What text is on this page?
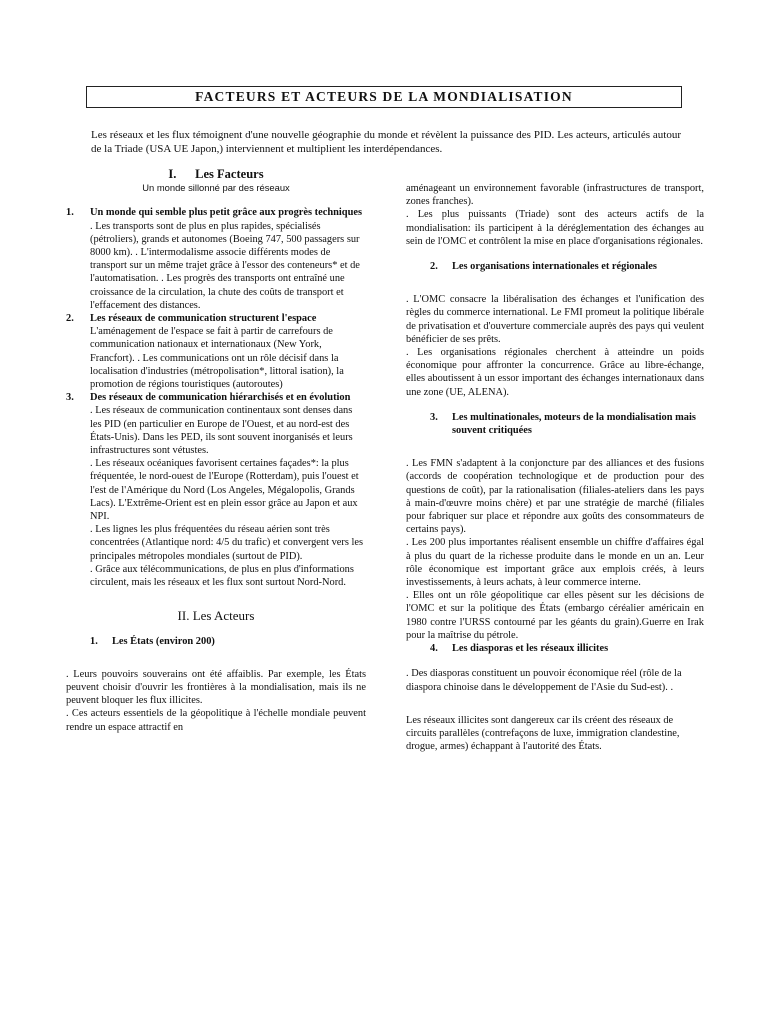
FACTEURS ET ACTEURS DE LA MONDIALISATION

Les réseaux et les flux témoignent d'une nouvelle géographie du monde et révèlent la puissance des PID. Les acteurs, articulés autour de la Triade (USA UE Japon,) interviennent et multiplient les interdépendances.

I. Les Facteurs
Un monde sillonné par des réseaux
1.	Un monde qui semble plus petit grâce aux progrès techniques

. Les transports sont de plus en plus rapides, spécialisés (pétroliers), grands et autonomes (Boeing 747, 500 passagers sur 8000 km). . L'intermodalisme associe différents modes de transport sur un même trajet grâce à l'essor des conteneurs* et de l'automatisation. . Les progrès des transports ont entraîné une croissance de la circulation, la chute des coûts de transport et l'effacement des distances.

2.	Les réseaux de communication structurent l'espace

L'aménagement de l'espace se fait à partir de carrefours de communication nationaux et internationaux (New York, Francfort). . Les communications ont un rôle décisif dans la localisation d'industries (métropolisation*, littoral isation), la promotion de régions touristiques (autoroutes)

3.	Des réseaux de communication hiérarchisés et en évolution

. Les réseaux de communication continentaux sont denses dans les PID (en particulier en Europe de l'Ouest, et au nord-est des États-Unis). Dans les PED, ils sont souvent inorganisés et leurs infrastructures sont vétustes.

. Les réseaux océaniques favorisent certaines façades*: la plus fréquentée, le nord-ouest de l'Europe (Rotterdam), puis l'ouest et l'est de l'Amérique du Nord (Los Angeles, Mégalopolis, Grands Lacs). L'Extrême-Orient est en plein essor grâce au Japon et aux NPI.

. Les lignes les plus fréquentées du réseau aérien sont très concentrées (Atlantique nord: 4/5 du trafic) et convergent vers les principales métropoles mondiales (surtout de PID).

. Grâce aux télécommunications, de plus en plus d'informations circulent, mais les réseaux et les flux sont surtout Nord-Nord.

II. Les Acteurs
1.	Les États (environ 200)

. Leurs pouvoirs souverains ont été affaiblis. Par exemple, les États peuvent choisir d'ouvrir les frontières à la mondialisation, mais ils ne peuvent bloquer les flux illicites.

. Ces acteurs essentiels de la géopolitique à l'échelle mondiale peuvent rendre un espace attractif en

aménageant un environnement favorable (infrastructures de transport, zones franches).

. Les plus puissants (Triade) sont des acteurs actifs de la mondialisation: ils participent à la déréglementation des échanges au sein de l'OMC et contrôlent la mise en place d'organisations régionales.

2.	Les organisations internationales et régionales

. L'OMC consacre la libéralisation des échanges et l'unification des règles du commerce international. Le FMI promeut la politique libérale de privatisation et d'ouverture commerciale auprès des pays qui veulent bénéficier de ses prêts.

. Les organisations régionales cherchent à atteindre un poids économique pour affronter la concurrence. Grâce au libre-échange, elles aboutissent à un essor important des échanges internationaux dans une zone (UE, ALENA).

3.	Les multinationales, moteurs de la mondialisation mais souvent critiquées

. Les FMN s'adaptent à la conjoncture par des alliances et des fusions (accords de coopération technologique et de production pour des questions de coût), par la rationalisation (filiales-ateliers dans les pays à main-d'œuvre moins chère) et par une stratégie de marché (filiales pour fabriquer sur place et répondre aux goûts des consommateurs de certains pays).

. Les 200 plus importantes réalisent ensemble un chiffre d'affaires égal à plus du quart de la richesse produite dans le monde en un an. Leur rôle économique est important grâce aux emplois créés, à leurs investissements, à leurs achats, à leur commerce interne.

. Elles ont un rôle géopolitique car elles pèsent sur les décisions de l'OMC et sur la politique des États (embargo céréalier américain en 1980 contre l'URSS contourné par les géants du grain).Guerre en Irak pour la maîtrise du pétrole.

4.	Les diasporas et les réseaux illicites

. Des diasporas constituent un pouvoir économique réel (rôle de la diaspora chinoise dans le développement de l'Asie du Sud-est). .

Les réseaux illicites sont dangereux car ils créent des réseaux de circuits parallèles (contrefaçons de luxe, immigration clandestine, drogue, armes) échappant à l'autorité des États.
